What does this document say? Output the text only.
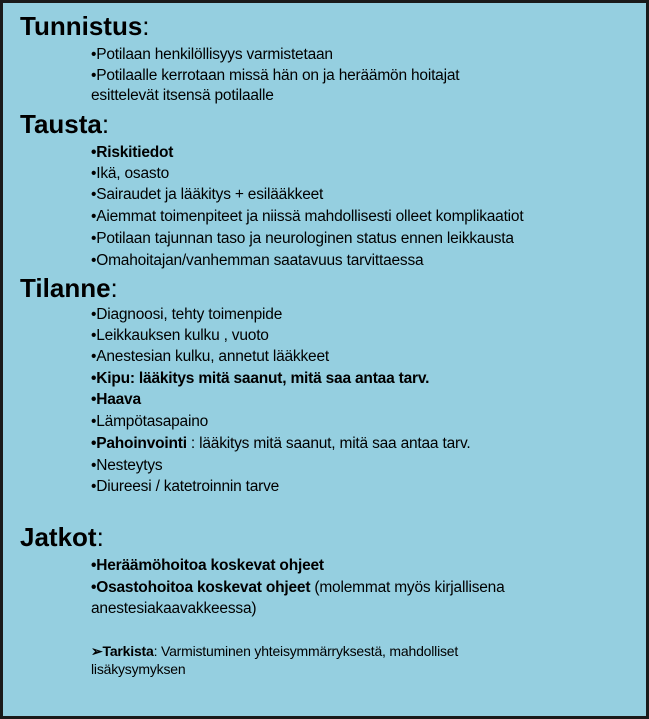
Tunnistus:
•Potilaan henkilöllisyys varmistetaan
•Potilaalle kerrotaan missä hän on ja heräämön hoitajat
esittelevät itsensä potilaalle
Tausta:
•Riskitiedot
•Ikä, osasto
•Sairaudet ja lääkitys + esilääkkeet
•Aiemmat toimenpiteet ja niissä mahdollisesti olleet komplikaatiot
•Potilaan tajunnan taso ja neurologinen status ennen leikkausta
•Omahoitajan/vanhemman saatavuus tarvittaessa
Tilanne:
•Diagnoosi, tehty toimenpide
•Leikkauksen kulku , vuoto
•Anestesian kulku, annetut lääkkeet
•Kipu: lääkitys mitä saanut, mitä saa antaa tarv.
•Haava
•Lämpötasapaino
•Pahoinvointi : lääkitys mitä saanut, mitä saa antaa tarv.
•Nesteytys
•Diureesi / katetroinnin tarve
Jatkot:
•Heräämöhoitoa koskevat ohjeet
•Osastohoitoa koskevat ohjeet (molemmat myös kirjallisena
anestesiakaavakkeessa)
➢Tarkista: Varmistuminen yhteisymmärryksestä, mahdolliset
lisäkysymyksen
